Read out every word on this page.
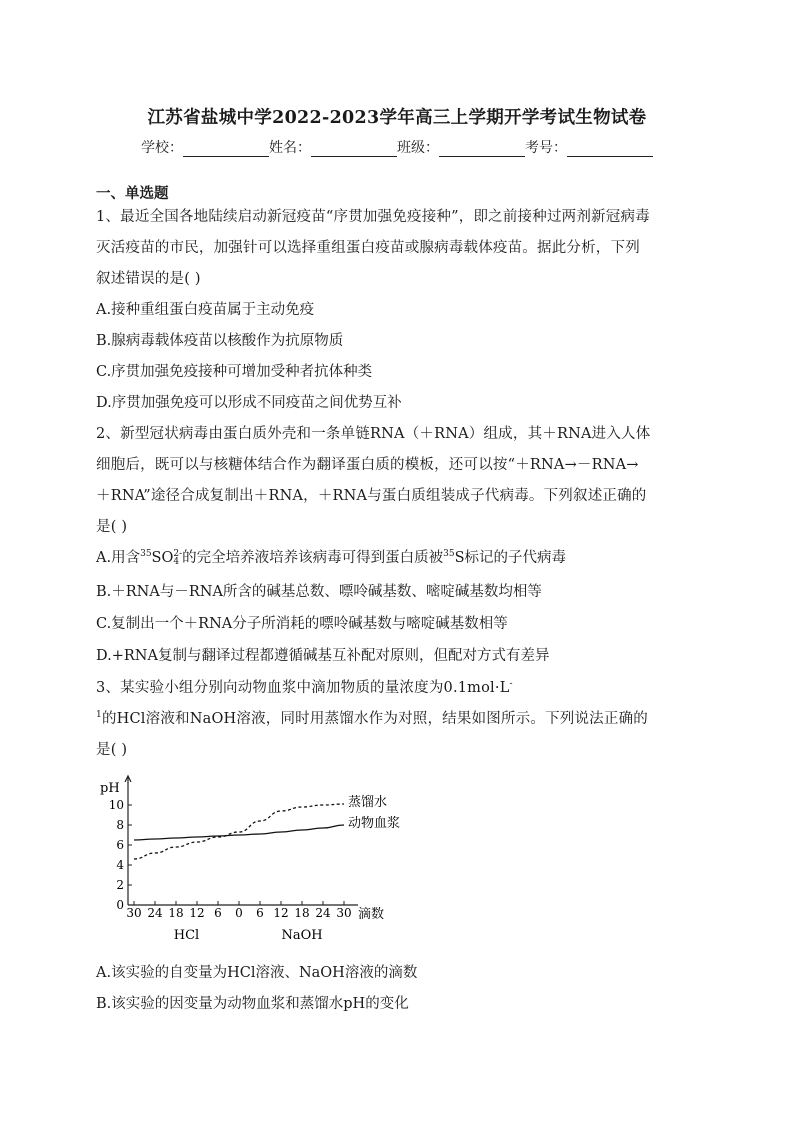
江苏省盐城中学2022-2023学年高三上学期开学考试生物试卷
学校：	姓名：	班级：	考号：
一、单选题
1、最近全国各地陆续启动新冠疫苗“序贯加强免疫接种”，即之前接种过两剂新冠病毒
灭活疫苗的市民，加强针可以选择重组蛋白疫苗或腺病毒载体疫苗。据此分析，下列
叙述错误的是( )
A.接种重组蛋白疫苗属于主动免疫
B.腺病毒载体疫苗以核酸作为抗原物质
C.序贯加强免疫接种可增加受种者抗体种类
D.序贯加强免疫可以形成不同疫苗之间优势互补
2、新型冠状病毒由蛋白质外壳和一条单链RNA（＋RNA）组成，其＋RNA进入人体
细胞后，既可以与核糖体结合作为翻译蛋白质的模板，还可以按“＋RNA→－RNA→
＋RNA”途径合成复制出＋RNA，＋RNA与蛋白质组装成子代病毒。下列叙述正确的
是( )
A.用含$^{35}$SO 2-
4 的完全培养液培养该病毒可得到蛋白质被$^{35}$S标记的子代病毒
B.＋RNA与－RNA所含的碱基总数、嘌呤碱基数、嘧啶碱基数均相等
C.复制出一个＋RNA分子所消耗的嘌呤碱基数与嘧啶碱基数相等
D.+RNA复制与翻译过程都遵循碱基互补配对原则，但配对方式有差异
3、某实验小组分别向动物血浆中滴加物质的量浓度为0.1mol·L-
$^1$的HCl溶液和NaOH溶液，同时用蒸馏水作为对照，结果如图所示。下列说法正确的
是( )
pH
0
2
4
6
8
10
30 24 18 12 6 0 6 12 18 24 30 滴数
HCl	NaOH
蒸馏水
动物血浆
A.该实验的自变量为HCl溶液、NaOH溶液的滴数
B.该实验的因变量为动物血浆和蒸馏水pH的变化
